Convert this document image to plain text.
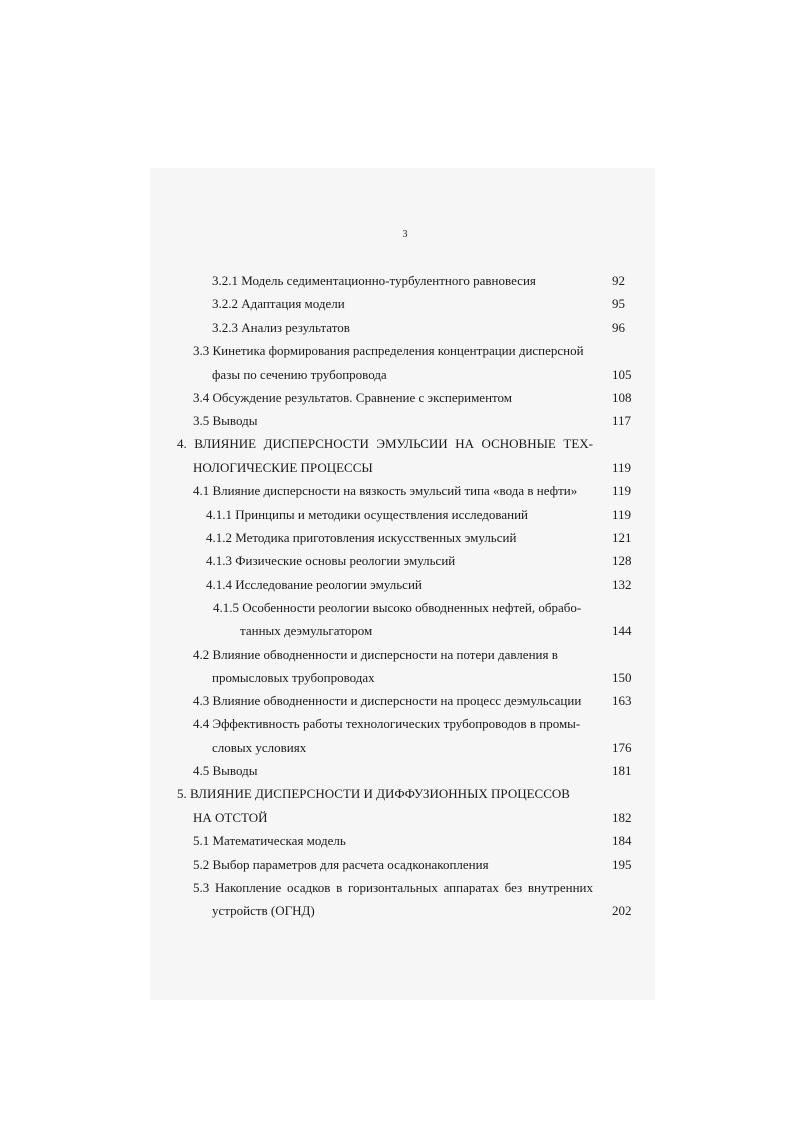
3
3.2.1 Модель седиментационно-турбулентного равновесия	92
3.2.2 Адаптация модели	95
3.2.3 Анализ результатов	96
3.3 Кинетика формирования распределения концентрации дисперсной
фазы по сечению трубопровода	105
3.4 Обсуждение результатов. Сравнение с экспериментом	108
3.5 Выводы	117
4. ВЛИЯНИЕ ДИСПЕРСНОСТИ ЭМУЛЬСИИ НА ОСНОВНЫЕ ТЕХ-
НОЛОГИЧЕСКИЕ ПРОЦЕССЫ	119
4.1 Влияние дисперсности на вязкость эмульсий типа «вода в нефти»	119
4.1.1 Принципы и методики осуществления исследований	119
4.1.2 Методика приготовления искусственных эмульсий	121
4.1.3 Физические основы реологии эмульсий	128
4.1.4 Исследование реологии эмульсий	132
4.1.5 Особенности реологии высоко обводненных нефтей, обрабо-
танных деэмульгатором	144
4.2 Влияние обводненности и дисперсности на потери давления в
промысловых трубопроводах	150
4.3 Влияние обводненности и дисперсности на процесс деэмульсации 163
4.4 Эффективность работы технологических трубопроводов в промы-
словых условиях	176
4.5 Выводы	181
5. ВЛИЯНИЕ ДИСПЕРСНОСТИ И ДИФФУЗИОННЫХ ПРОЦЕССОВ
НА ОТСТОЙ	182
5.1 Математическая модель	184
5.2 Выбор параметров для расчета осадконакопления	195
5.3 Накопление осадков в горизонтальных аппаратах без внутренних
устройств (ОГНД)	202
